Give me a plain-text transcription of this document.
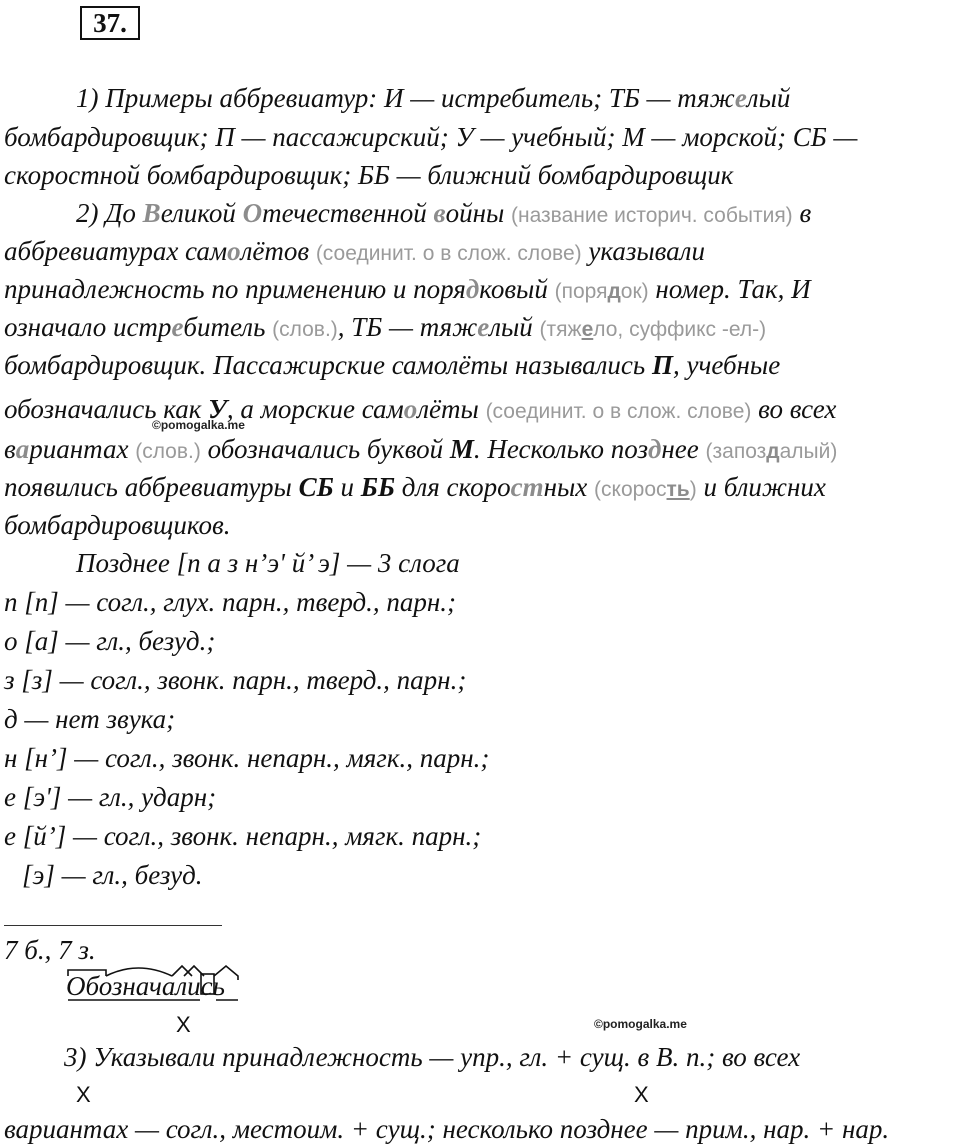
37.
1) Примеры аббревиатур: И — истребитель; ТБ — тяжелый
бомбардировщик; П — пассажирский; У — учебный; М — морской; СБ —
скоростной бомбардировщик; ББ — ближний бомбардировщик
2) До Великой Отечественной войны (название историч. события) в
аббревиатурах самолётов (соединит. о в слож. слове) указывали
принадлежность по применению и порядковый (порядок) номер. Так, И
означало истребитель (слов.), ТБ — тяжелый (тяжело, суффикс -ел-)
бомбардировщик. Пассажирские самолёты назывались П, учебные
обозначались как У, а морские самолёты (соединит. о в слож. слове) во всех
©pomogalka.me
вариантах (слов.) обозначались буквой М. Несколько позднее (запоздалый)
появились аббревиатуры СБ и ББ для скоростных (скорость) и ближних
бомбардировщиков.
Позднее [п а з н’э' й’ э] — 3 слога
п [п] — согл., глух. парн., тверд., парн.;
о [а] — гл., безуд.;
з [з] — согл., звонк. парн., тверд., парн.;
д — нет звука;
н [н’] — согл., звонк. непарн., мягк., парн.;
е [э'] — гл., ударн;
е [й’] — согл., звонк. непарн., мягк. парн.;
[э] — гл., безуд.
7 б., 7 з.
Обозначались
X	©pomogalka.me
3) Указывали принадлежность — упр., гл. + сущ. в В. п.; во всех
X	X
вариантах — согл., местоим. + сущ.; несколько позднее — прим., нар. + нар.
